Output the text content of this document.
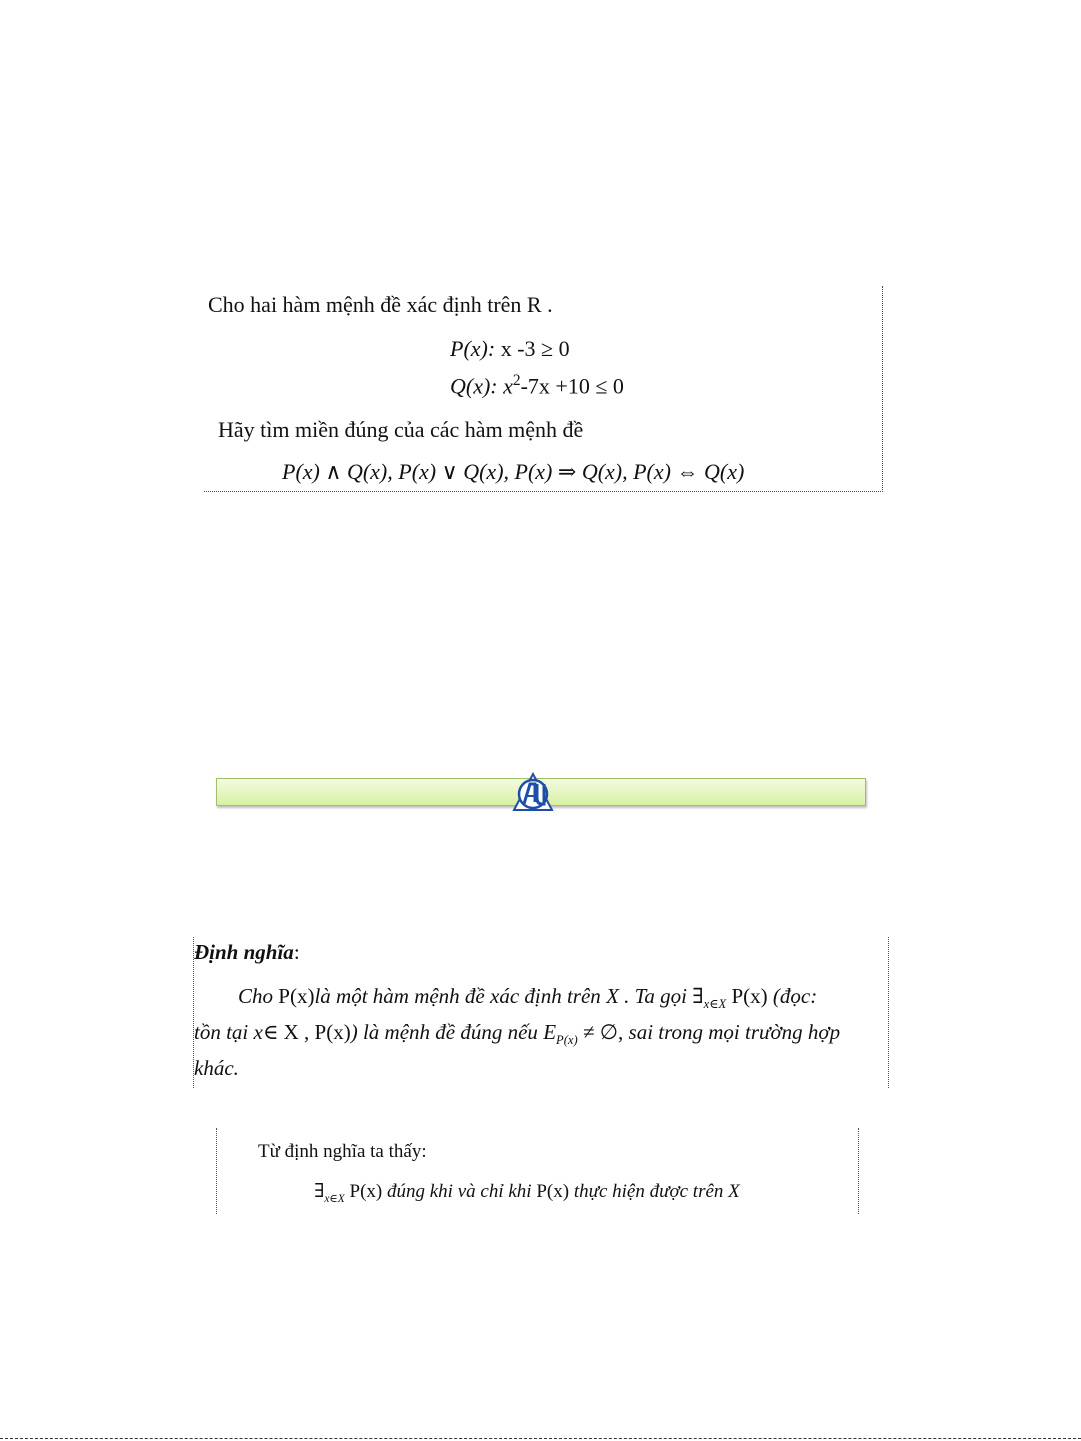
Cho hai hàm mệnh đề xác định trên R .
P(x): x -3 ≥ 0
Q(x): $x^2-7x +10 \le 0$
Hãy tìm miền đúng của các hàm mệnh đề
P(x) ∧ Q(x), P(x) ∨ Q(x), P(x) ⇒ Q(x), P(x) ⇔ Q(x)
Định nghĩa:
Cho P(x)là một hàm mệnh đề xác định trên X . Ta gọi $\exists_{x\in X}$ P(x) (đọc:
tồn tại x∈ X , P(x)) là mệnh đề đúng nếu $E_{P(x)}$ ≠ ∅, sai trong mọi trường hợp
khác.
Từ định nghĩa ta thấy:
$\exists_{x\in X}$ P(x) đúng khi và chỉ khi P(x) thực hiện được trên X
